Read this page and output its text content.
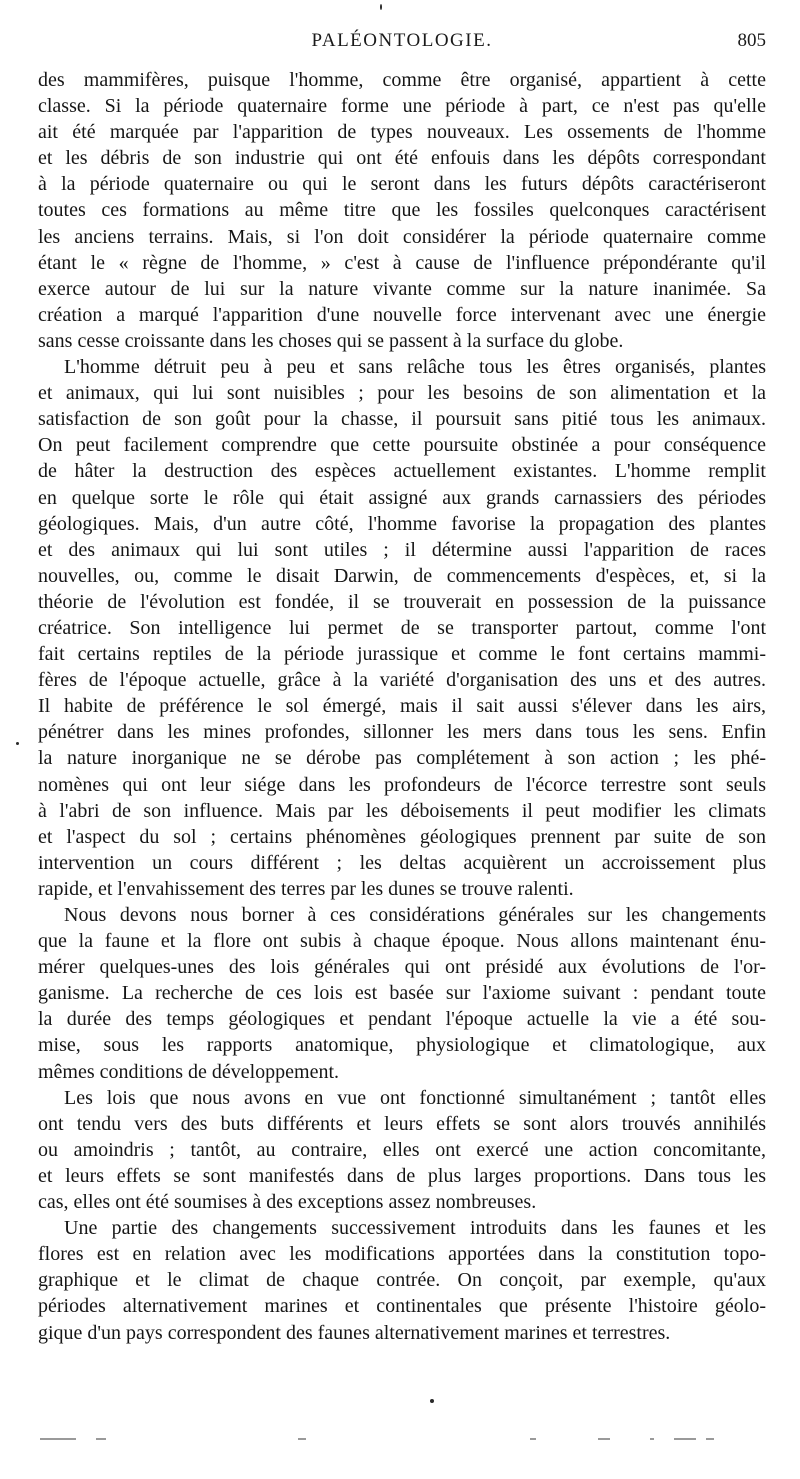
PALÉONTOLOGIE.	805
des mammifères, puisque l'homme, comme être organisé, appartient à cette
classe. Si la période quaternaire forme une période à part, ce n'est pas qu'elle
ait été marquée par l'apparition de types nouveaux. Les ossements de l'homme
et les débris de son industrie qui ont été enfouis dans les dépôts correspondant
à la période quaternaire ou qui le seront dans les futurs dépôts caractériseront
toutes ces formations au même titre que les fossiles quelconques caractérisent
les anciens terrains. Mais, si l'on doit considérer la période quaternaire comme
étant le « règne de l'homme, » c'est à cause de l'influence prépondérante qu'il
exerce autour de lui sur la nature vivante comme sur la nature inanimée. Sa
création a marqué l'apparition d'une nouvelle force intervenant avec une énergie
sans cesse croissante dans les choses qui se passent à la surface du globe.
L'homme détruit peu à peu et sans relâche tous les êtres organisés, plantes
et animaux, qui lui sont nuisibles ; pour les besoins de son alimentation et la
satisfaction de son goût pour la chasse, il poursuit sans pitié tous les animaux.
On peut facilement comprendre que cette poursuite obstinée a pour conséquence
de hâter la destruction des espèces actuellement existantes. L'homme remplit
en quelque sorte le rôle qui était assigné aux grands carnassiers des périodes
géologiques. Mais, d'un autre côté, l'homme favorise la propagation des plantes
et des animaux qui lui sont utiles ; il détermine aussi l'apparition de races
nouvelles, ou, comme le disait Darwin, de commencements d'espèces, et, si la
théorie de l'évolution est fondée, il se trouverait en possession de la puissance
créatrice. Son intelligence lui permet de se transporter partout, comme l'ont
fait certains reptiles de la période jurassique et comme le font certains mammi-
fères de l'époque actuelle, grâce à la variété d'organisation des uns et des autres.
Il habite de préférence le sol émergé, mais il sait aussi s'élever dans les airs,
pénétrer dans les mines profondes, sillonner les mers dans tous les sens. Enfin
la nature inorganique ne se dérobe pas complétement à son action ; les phé-
nomènes qui ont leur siége dans les profondeurs de l'écorce terrestre sont seuls
à l'abri de son influence. Mais par les déboisements il peut modifier les climats
et l'aspect du sol ; certains phénomènes géologiques prennent par suite de son
intervention un cours différent ; les deltas acquièrent un accroissement plus
rapide, et l'envahissement des terres par les dunes se trouve ralenti.
Nous devons nous borner à ces considérations générales sur les changements
que la faune et la flore ont subis à chaque époque. Nous allons maintenant énu-
mérer quelques-unes des lois générales qui ont présidé aux évolutions de l'or-
ganisme. La recherche de ces lois est basée sur l'axiome suivant : pendant toute
la durée des temps géologiques et pendant l'époque actuelle la vie a été sou-
mise, sous les rapports anatomique, physiologique et climatologique, aux
mêmes conditions de développement.
Les lois que nous avons en vue ont fonctionné simultanément ; tantôt elles
ont tendu vers des buts différents et leurs effets se sont alors trouvés annihilés
ou amoindris ; tantôt, au contraire, elles ont exercé une action concomitante,
et leurs effets se sont manifestés dans de plus larges proportions. Dans tous les
cas, elles ont été soumises à des exceptions assez nombreuses.
Une partie des changements successivement introduits dans les faunes et les
flores est en relation avec les modifications apportées dans la constitution topo-
graphique et le climat de chaque contrée. On conçoit, par exemple, qu'aux
périodes alternativement marines et continentales que présente l'histoire géolo-
gique d'un pays correspondent des faunes alternativement marines et terrestres.
